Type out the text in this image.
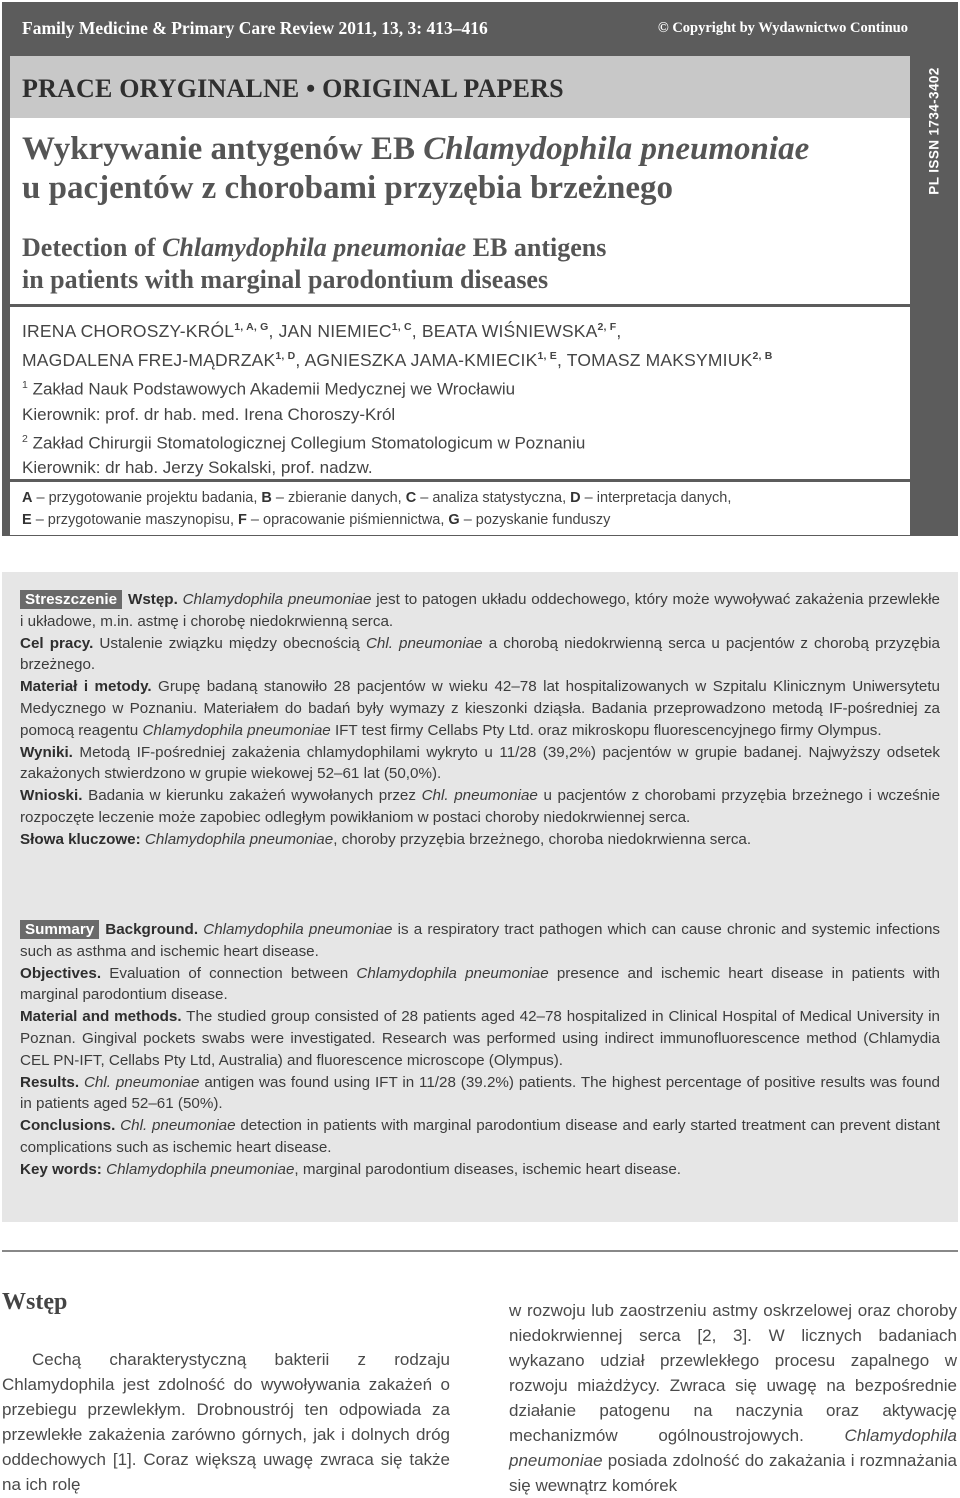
Family Medicine & Primary Care Review 2011, 13, 3: 413–416	© Copyright by Wydawnictwo Continuo
PL ISSN 1734-3402
PRACE ORYGINALNE • ORIGINAL PAPERS
Wykrywanie antygenów EB Chlamydophila pneumoniae
u pacjentów z chorobami przyzębia brzeżnego
Detection of Chlamydophila pneumoniae EB antigens
in patients with marginal parodontium diseases
IRENA CHOROSZY-$KRÓL^{1, A, G}$, JAN $NIEMIEC^{1, C}$, BEATA $WIŚNIEWSKA^{2, F}$,
MAGDALENA FREJ-$MĄDRZAK^{1, D}$, AGNIESZKA JAMA-$KMIECIK^{1, E}$, TOMASZ $MAKSYMIUK^{2, B}$
$^1$ Zakład Nauk Podstawowych Akademii Medycznej we Wrocławiu
Kierownik: prof. dr hab. med. Irena Choroszy-Król
$^2$ Zakład Chirurgii Stomatologicznej Collegium Stomatologicum w Poznaniu
Kierownik: dr hab. Jerzy Sokalski, prof. nadzw.
A – przygotowanie projektu badania, B – zbieranie danych, C – analiza statystyczna, D – interpretacja danych,
E – przygotowanie maszynopisu, F – opracowanie piśmiennictwa, G – pozyskanie funduszy
Streszczenie Wstęp. Chlamydophila pneumoniae jest to patogen układu oddechowego, który może wywoływać zakażenia przewlekłe i układowe, m.in. astmę i chorobę niedokrwienną serca.
Cel pracy. Ustalenie związku między obecnością Chl. pneumoniae a chorobą niedokrwienną serca u pacjentów z chorobą przyzębia brzeżnego.
Materiał i metody. Grupę badaną stanowiło 28 pacjentów w wieku 42–78 lat hospitalizowanych w Szpitalu Klinicznym Uniwersytetu Medycznego w Poznaniu. Materiałem do badań były wymazy z kieszonki dziąsła. Badania przeprowadzono metodą IF-pośredniej za pomocą reagentu Chlamydophila pneumoniae IFT test firmy Cellabs Pty Ltd. oraz mikroskopu fluorescencyjnego firmy Olympus.
Wyniki. Metodą IF-pośredniej zakażenia chlamydophilami wykryto u 11/28 (39,2%) pacjentów w grupie badanej. Najwyższy odsetek zakażonych stwierdzono w grupie wiekowej 52–61 lat (50,0%).
Wnioski. Badania w kierunku zakażeń wywołanych przez Chl. pneumoniae u pacjentów z chorobami przyzębia brzeżnego i wcześnie rozpoczęte leczenie może zapobiec odległym powikłaniom w postaci choroby niedokrwiennej serca.
Słowa kluczowe: Chlamydophila pneumoniae, choroby przyzębia brzeżnego, choroba niedokrwienna serca.
Summary Background. Chlamydophila pneumoniae is a respiratory tract pathogen which can cause chronic and systemic infections such as asthma and ischemic heart disease.
Objectives. Evaluation of connection between Chlamydophila pneumoniae presence and ischemic heart disease in patients with marginal parodontium disease.
Material and methods. The studied group consisted of 28 patients aged 42–78 hospitalized in Clinical Hospital of Medical University in Poznan. Gingival pockets swabs were investigated. Research was performed using indirect immunofluorescence method (Chlamydia CEL PN-IFT, Cellabs Pty Ltd, Australia) and fluorescence microscope (Olympus).
Results. Chl. pneumoniae antigen was found using IFT in 11/28 (39.2%) patients. The highest percentage of positive results was found in patients aged 52–61 (50%).
Conclusions. Chl. pneumoniae detection in patients with marginal parodontium disease and early started treatment can prevent distant complications such as ischemic heart disease.
Key words: Chlamydophila pneumoniae, marginal parodontium diseases, ischemic heart disease.
Wstęp

Cechą charakterystyczną bakterii z rodzaju Chlamydophila jest zdolność do wywoływania zakażeń o przebiegu przewlekłym. Drobnoustrój ten odpowiada za przewlekłe zakażenia zarówno górnych, jak i dolnych dróg oddechowych [1]. Coraz większą uwagę zwraca się także na ich rolę

w rozwoju lub zaostrzeniu astmy oskrzelowej oraz choroby niedokrwiennej serca [2, 3]. W licznych badaniach wykazano udział przewlekłego procesu zapalnego w rozwoju miażdżycy. Zwraca się uwagę na bezpośrednie działanie patogenu na naczynia oraz aktywację mechanizmów ogólnoustrojowych. Chlamydophila pneumoniae posiada zdolność do zakażania i rozmnażania się wewnątrz komórek
